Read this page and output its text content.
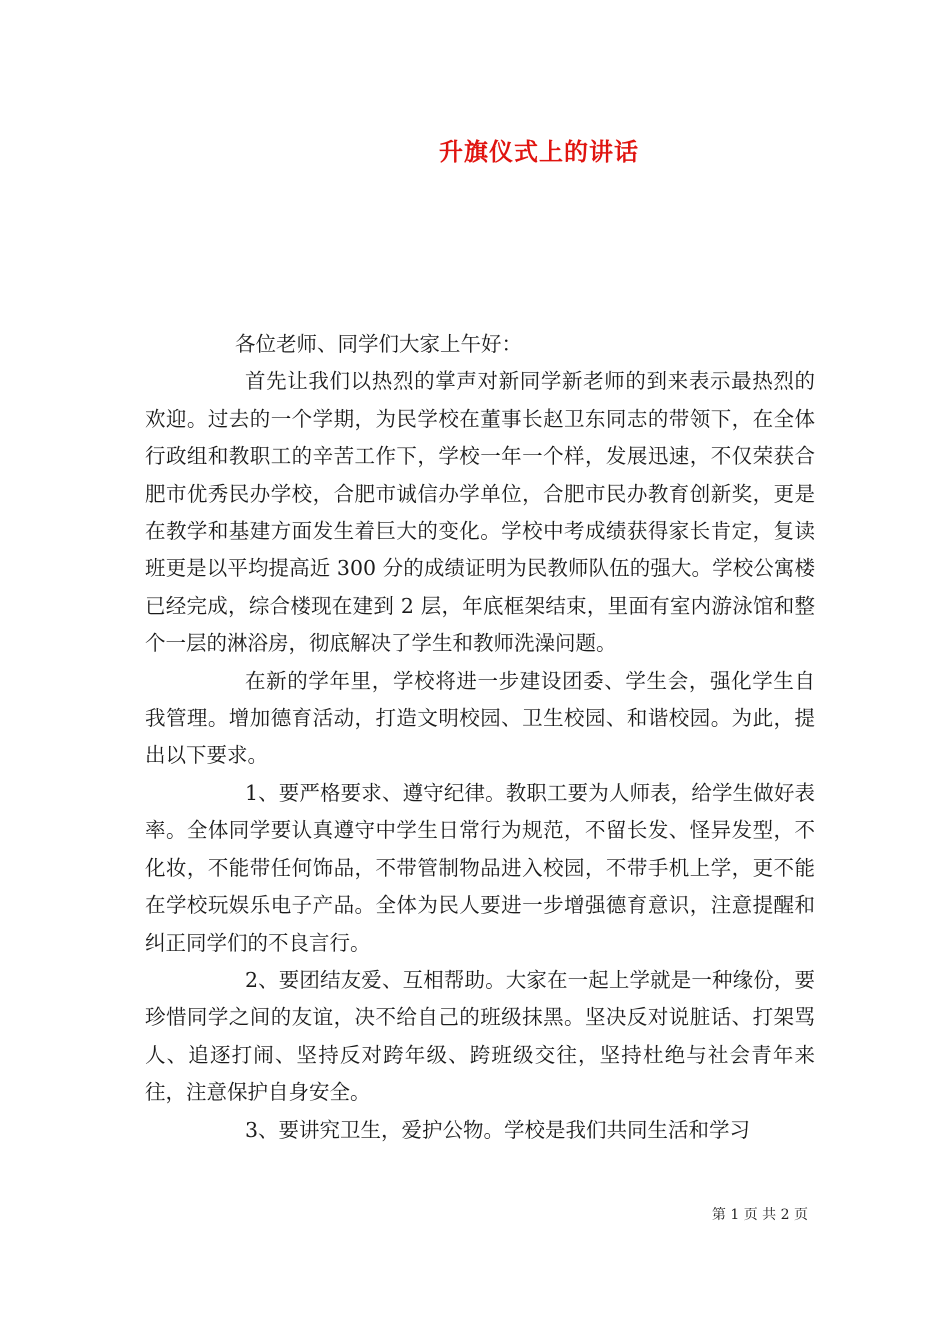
升旗仪式上的讲话

各位老师、同学们大家上午好：

首先让我们以热烈的掌声对新同学新老师的到来表示最热烈的欢迎。过去的一个学期，为民学校在董事长赵卫东同志的带领下，在全体行政组和教职工的辛苦工作下，学校一年一个样，发展迅速，不仅荣获合肥市优秀民办学校，合肥市诚信办学单位，合肥市民办教育创新奖，更是在教学和基建方面发生着巨大的变化。学校中考成绩获得家长肯定，复读班更是以平均提高近 300 分的成绩证明为民教师队伍的强大。学校公寓楼已经完成，综合楼现在建到 2 层，年底框架结束，里面有室内游泳馆和整个一层的淋浴房，彻底解决了学生和教师洗澡问题。

在新的学年里，学校将进一步建设团委、学生会，强化学生自我管理。增加德育活动，打造文明校园、卫生校园、和谐校园。为此，提出以下要求。

1、要严格要求、遵守纪律。教职工要为人师表，给学生做好表率。全体同学要认真遵守中学生日常行为规范，不留长发、怪异发型，不化妆，不能带任何饰品，不带管制物品进入校园，不带手机上学，更不能在学校玩娱乐电子产品。全体为民人要进一步增强德育意识，注意提醒和纠正同学们的不良言行。

2、要团结友爱、互相帮助。大家在一起上学就是一种缘份，要珍惜同学之间的友谊，决不给自己的班级抹黑。坚决反对说脏话、打架骂人、追逐打闹、坚持反对跨年级、跨班级交往，坚持杜绝与社会青年来往，注意保护自身安全。

3、要讲究卫生，爱护公物。学校是我们共同生活和学习

第 1 页 共 2 页
